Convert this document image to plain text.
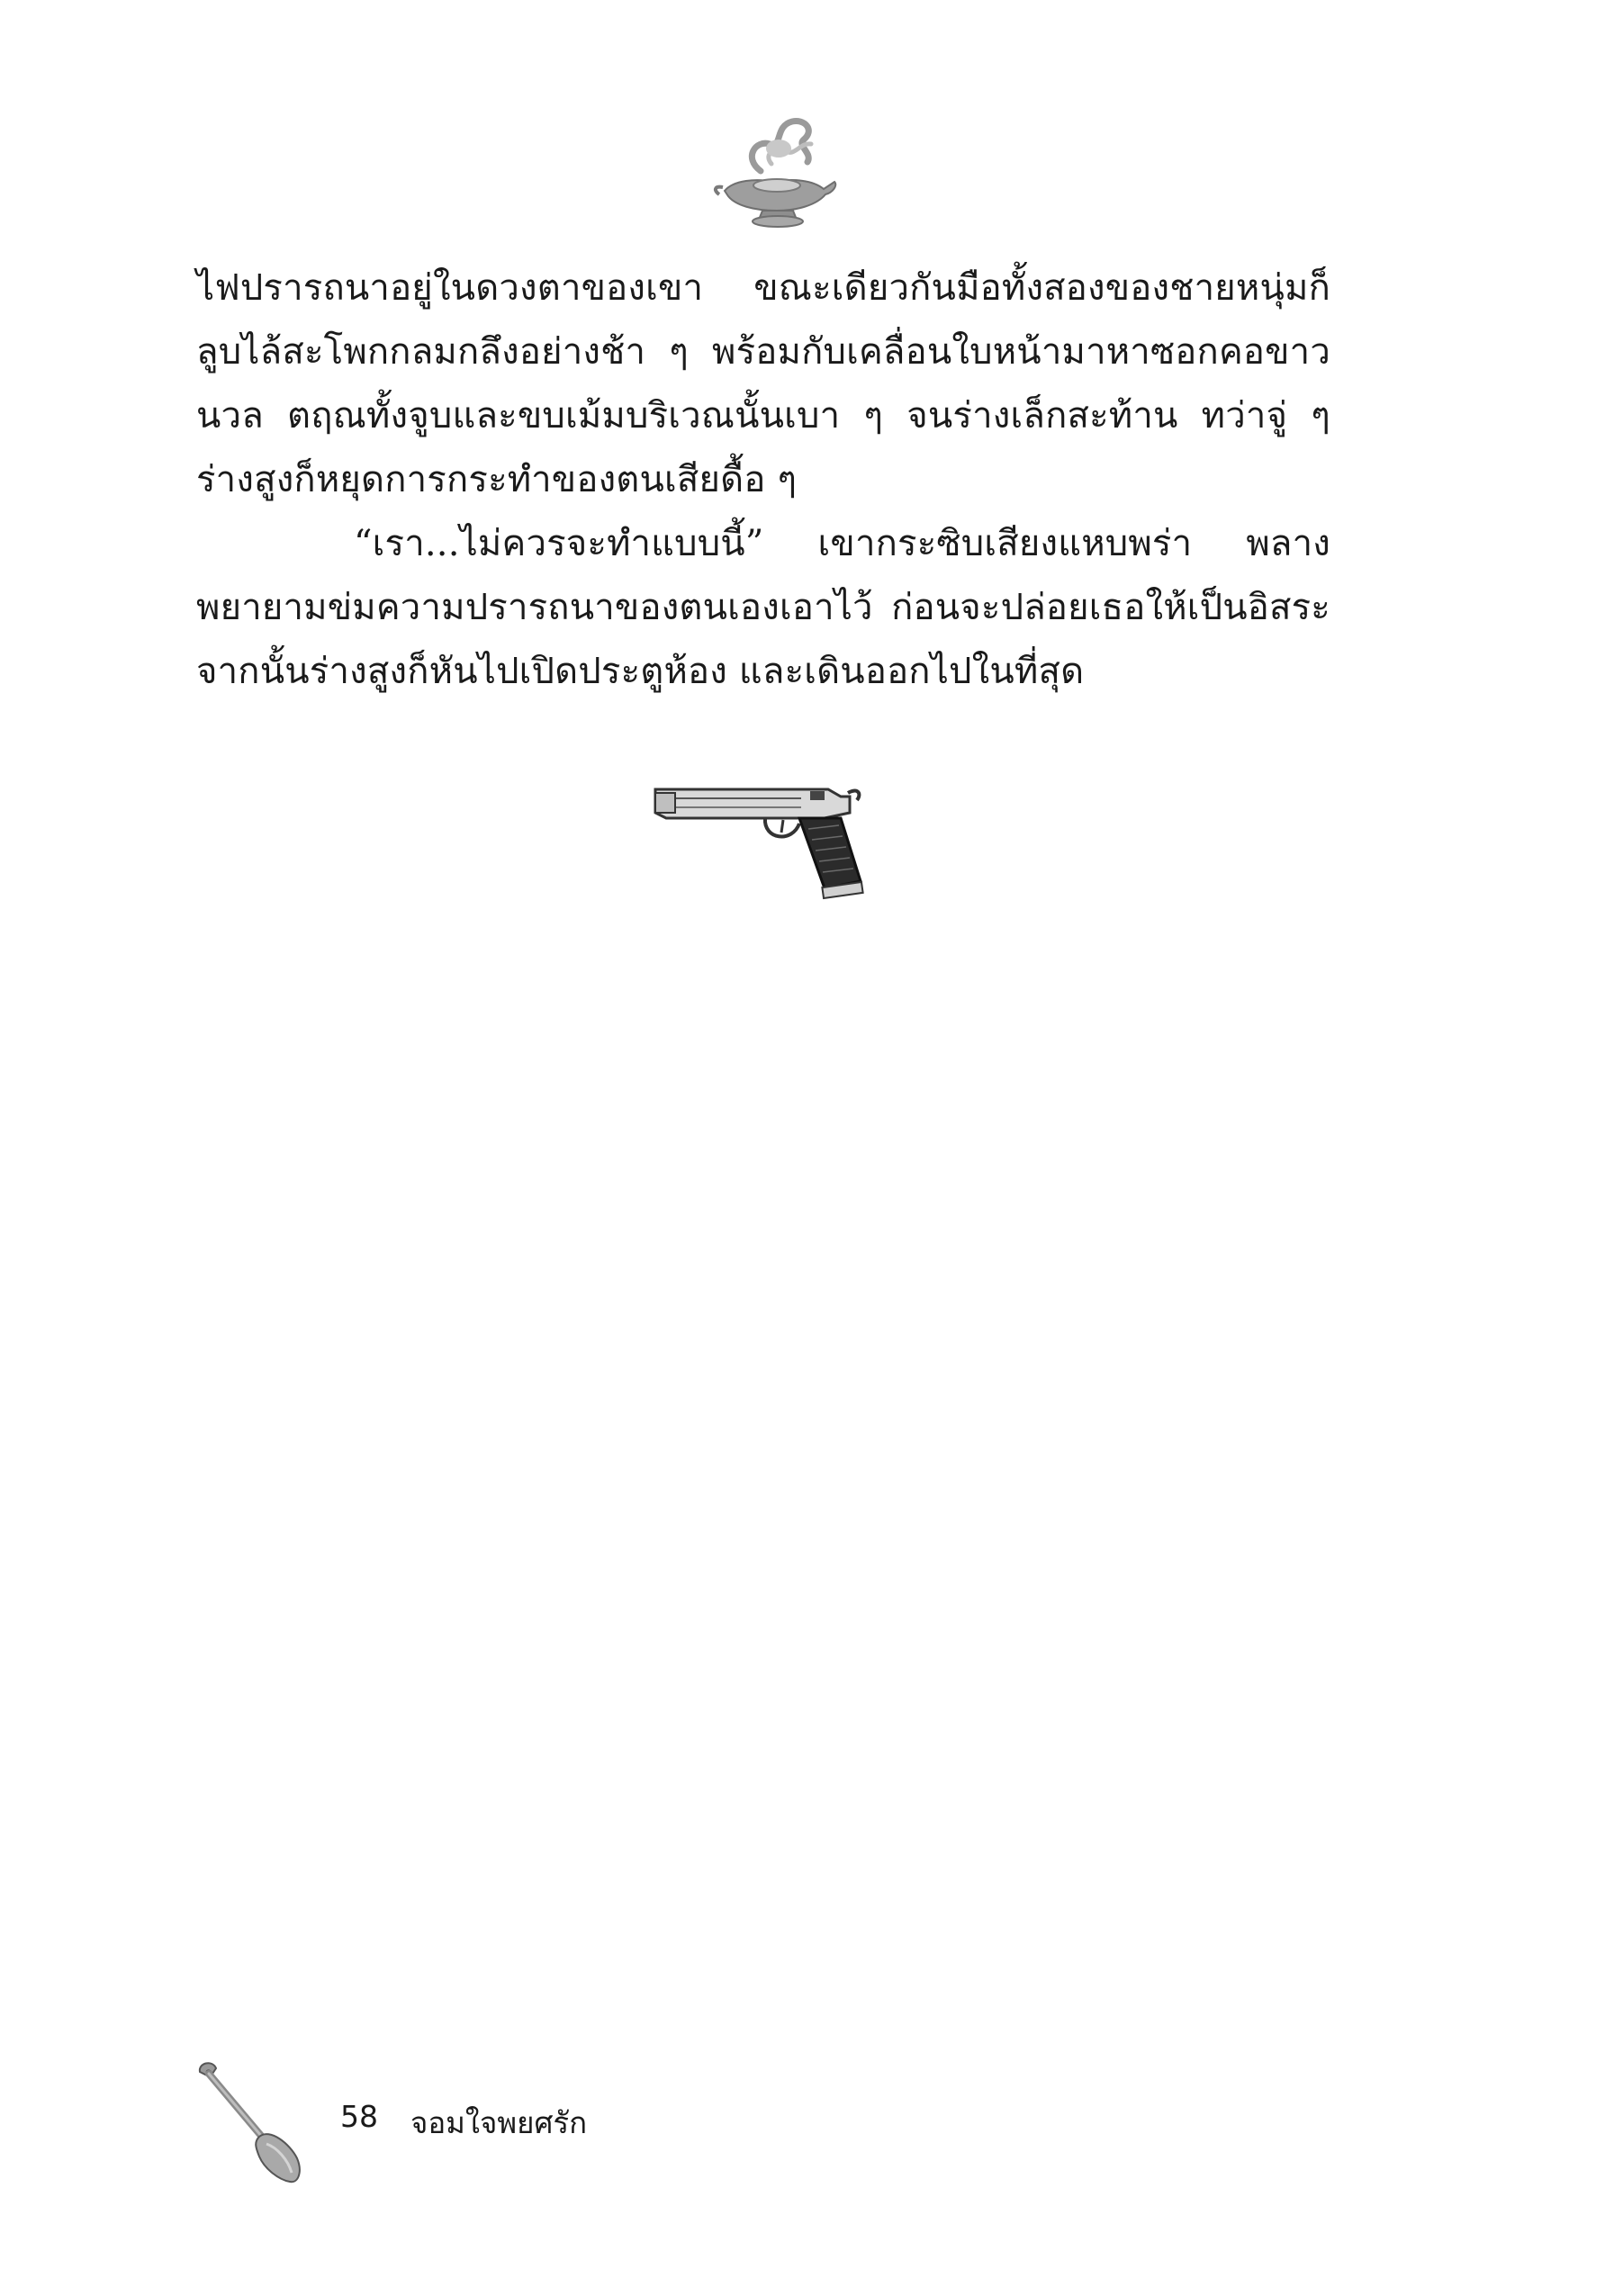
ไฟปรารถนาอยู่ในดวงตาของเขา ขณะเดียวกันมือทั้งสองของชายหนุ่มก็ลูบไล้สะโพกกลมกลึงอย่างช้า ๆ พร้อมกับเคลื่อนใบหน้ามาหาซอกคอขาวนวล ตฤณทั้งจูบและขบเม้มบริเวณนั้นเบา ๆ จนร่างเล็กสะท้าน ทว่าจู่ ๆ ร่างสูงก็หยุดการกระทำของตนเสียดื้อ ๆ

“เรา...ไม่ควรจะทำแบบนี้” เขากระซิบเสียงแหบพร่า พลางพยายามข่มความปรารถนาของตนเองเอาไว้ ก่อนจะปล่อยเธอให้เป็นอิสระ จากนั้นร่างสูงก็หันไปเปิดประตูห้อง และเดินออกไปในที่สุด

58 จอมใจพยศรัก
